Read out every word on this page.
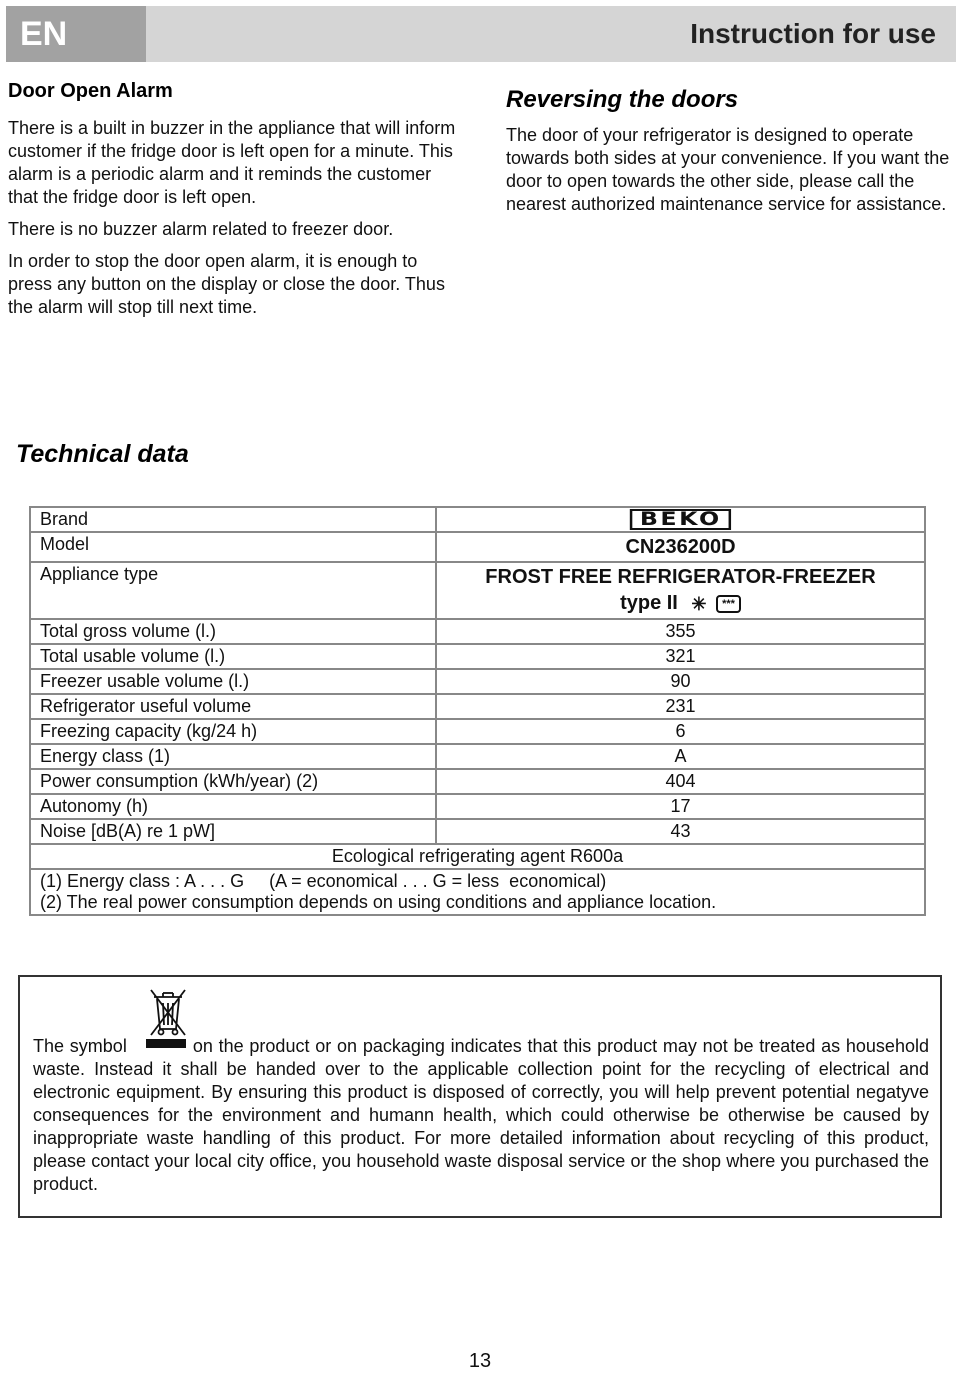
EN	Instruction for use
Door Open Alarm

There is a built in buzzer in the appliance that will inform customer if the fridge door is left open for a minute. This alarm is a periodic alarm and it reminds the customer that the fridge door is left open.

There is no buzzer alarm related to freezer door.

In order to stop the door open alarm, it is enough to press any button on the display or close the door. Thus the alarm will stop till next time.

Reversing the doors

The door of your refrigerator is designed to operate towards both sides at your convenience. If you want the door to open towards the other side, please call the nearest authorized maintenance service for assistance.

Technical data
Brand	BEKO
Model	CN236200D
Appliance type	FROST FREE REFRIGERATOR-FREEZER
type II ✳ ***

Total gross volume (l.)	355
Total usable volume (l.)	321
Freezer usable volume (l.)	90
Refrigerator useful volume	231
Freezing capacity (kg/24 h)	6
Energy class (1)	A
Power consumption (kWh/year) (2)	404
Autonomy (h)	17
Noise [dB(A) re 1 pW]	43
Ecological refrigerating agent R600a	

(1) Energy class : A . . . G     (A = economical . . . G = less  economical)
(2) The real power consumption depends on using conditions and appliance location.	

The symbol	on the product or on packaging indicates that this product may not be treated as household waste. Instead it shall be handed over to the applicable collection point for the recycling of electrical and electronic equipment. By ensuring this product is disposed of correctly, you will help prevent potential negatyve consequences for the environment and humann health, which could otherwise be otherwise be caused by inappropriate waste handling of this product. For more detailed information about recycling of this product, please contact your local city office, you household waste disposal service or the shop where you purchased the product.

13
